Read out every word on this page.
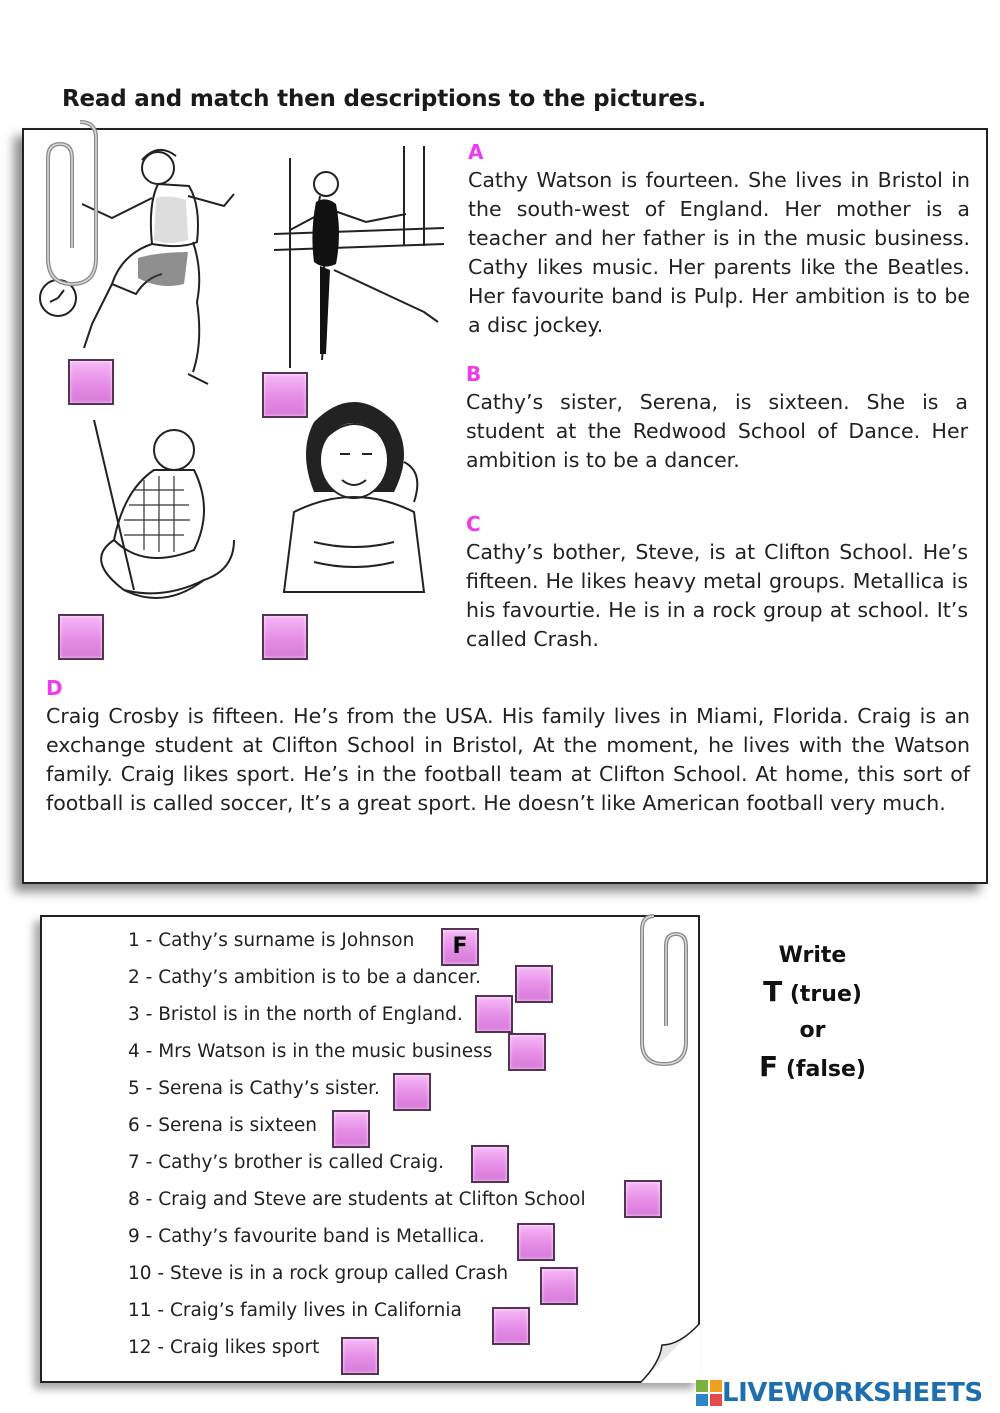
Read and match then descriptions to the pictures.
A
Cathy Watson is fourteen. She lives in Bristol in the south-west of England. Her mother is a teacher and her father is in the music business. Cathy likes music. Her parents like the Beatles. Her favourite band is Pulp. Her ambition is to be a disc jockey.
B
Cathy’s sister, Serena, is sixteen. She is a student at the Redwood School of Dance. Her ambition is to be a dancer.
C
Cathy’s bother, Steve, is at Clifton School. He’s fifteen. He likes heavy metal groups. Metallica is his favourtie. He is in a rock group at school. It’s called Crash.
D
Craig Crosby is fifteen. He’s from the USA. His family lives in Miami, Florida. Craig is an exchange student at Clifton School in Bristol, At the moment, he lives with the Watson family. Craig likes sport. He’s in the football team at Clifton School. At home, this sort of football is called soccer, It’s a great sport. He doesn’t like American football very much.
1 - Cathy’s surname is Johnson
2 - Cathy’s ambition is to be a dancer.
3 - Bristol is in the north of England.
4 - Mrs Watson is in the music business
5 - Serena is Cathy’s sister.
6 - Serena is sixteen
7 - Cathy’s brother is called Craig.
8 - Craig and Steve are students at Clifton School
9 - Cathy’s favourite band is Metallica.
10 - Steve is in a rock group called Crash
11 - Craig’s family lives in California
12 - Craig likes sport
F	Write
T (true)
or
F (false)
LIVEWORKSHEETS
